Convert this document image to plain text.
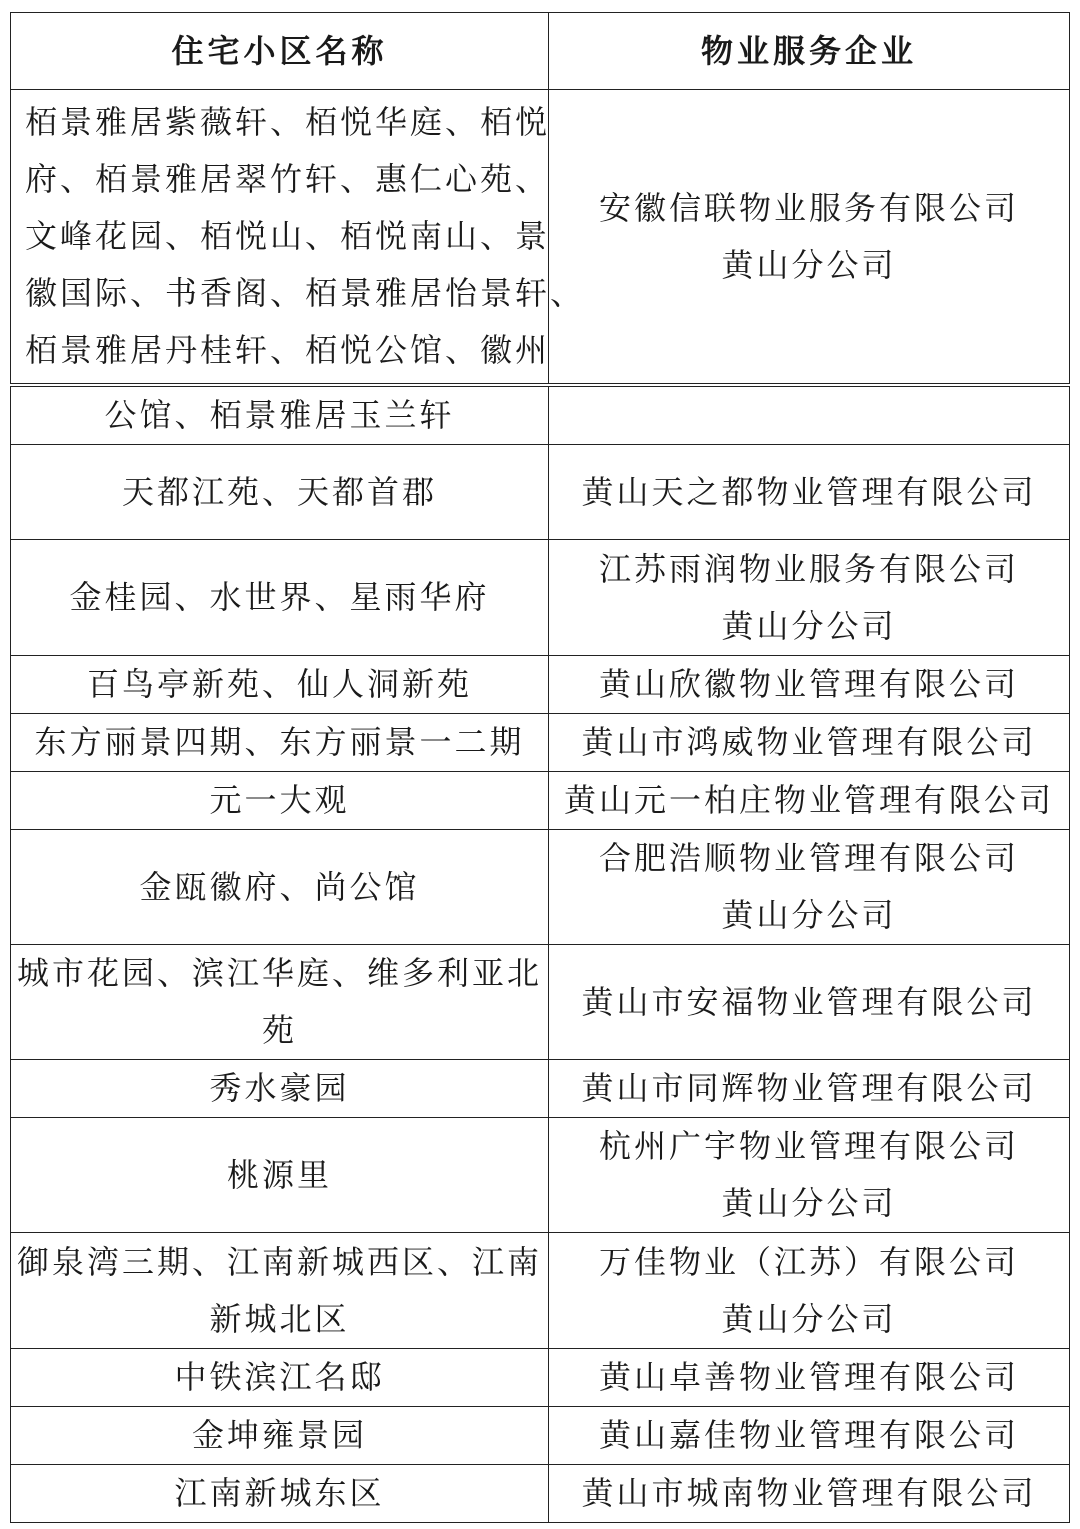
住宅小区名称	物业服务企业

栢景雅居紫薇轩、栢悦华庭、栢悦
府、栢景雅居翠竹轩、惠仁心苑、
文峰花园、栢悦山、栢悦南山、景
徽国际、书香阁、栢景雅居怡景轩、
栢景雅居丹桂轩、栢悦公馆、徽州	安徽信联物业服务有限公司
黄山分公司
公馆、栢景雅居玉兰轩	
天都江苑、天都首郡	黄山天之都物业管理有限公司
金桂园、水世界、星雨华府	江苏雨润物业服务有限公司
黄山分公司

百鸟亭新苑、仙人洞新苑	黄山欣徽物业管理有限公司
东方丽景四期、东方丽景一二期	黄山市鸿威物业管理有限公司
元一大观	黄山元一柏庄物业管理有限公司
金瓯徽府、尚公馆	合肥浩顺物业管理有限公司
黄山分公司

城市花园、滨江华庭、维多利亚北
苑	黄山市安福物业管理有限公司
秀水豪园	黄山市同辉物业管理有限公司
桃源里	杭州广宇物业管理有限公司
黄山分公司

御泉湾三期、江南新城西区、江南
新城北区	万佳物业（江苏）有限公司
黄山分公司

中铁滨江名邸	黄山卓善物业管理有限公司
金坤雍景园	黄山嘉佳物业管理有限公司
江南新城东区	黄山市城南物业管理有限公司
